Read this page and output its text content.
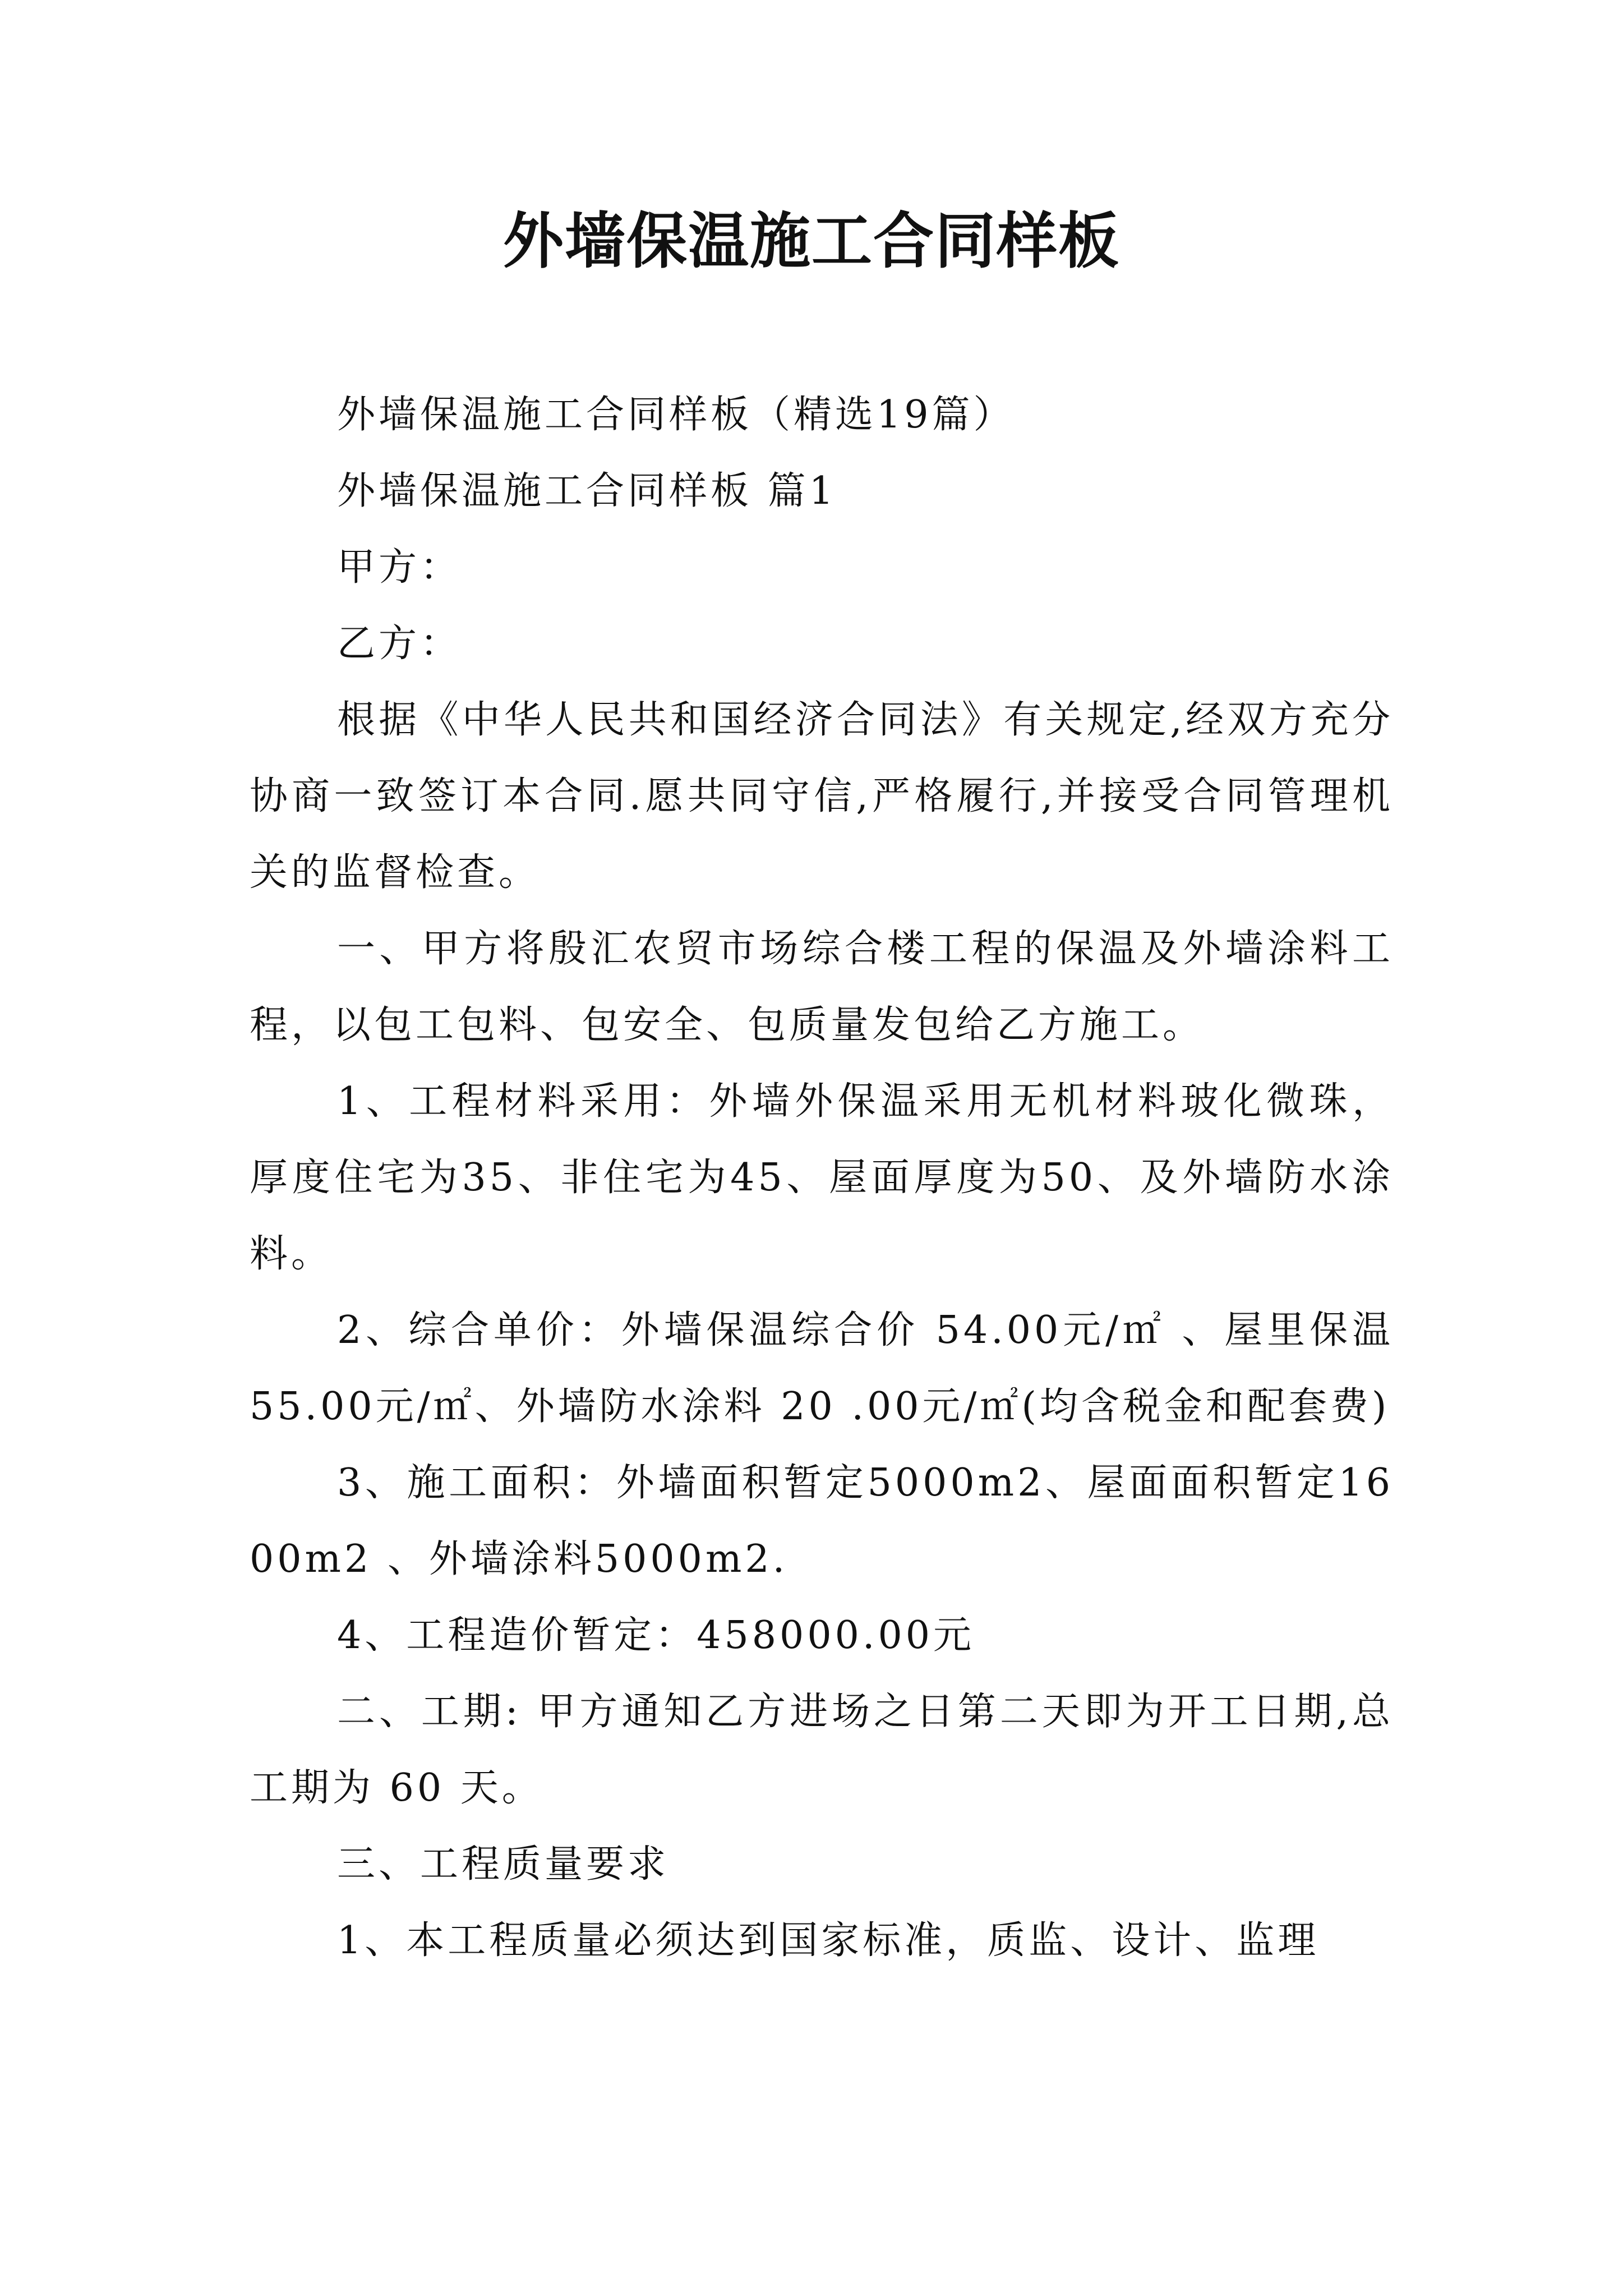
外墙保温施工合同样板

外墙保温施工合同样板（精选19篇）

外墙保温施工合同样板 篇1

甲方：

乙方：

根据《中华人民共和国经济合同法》有关规定,经双方充分协商一致签订本合同.愿共同守信,严格履行,并接受合同管理机关的监督检查。

一、甲方将殷汇农贸市场综合楼工程的保温及外墙涂料工程，以包工包料、包安全、包质量发包给乙方施工。

1、工程材料采用：外墙外保温采用无机材料玻化微珠，厚度住宅为35、非住宅为45、屋面厚度为50、及外墙防水涂料。

2、综合单价：外墙保温综合价 54.00元/㎡ 、屋里保温 55.00元/㎡、外墙防水涂料 20 .00元/㎡(均含税金和配套费)

3、施工面积：外墙面积暂定5000m2、屋面面积暂定1600m2 、外墙涂料5000m2.

4、工程造价暂定：458000.00元

二、工期: 甲方通知乙方进场之日第二天即为开工日期,总工期为 60 天。

三、工程质量要求

1、本工程质量必须达到国家标准，质监、设计、监理
